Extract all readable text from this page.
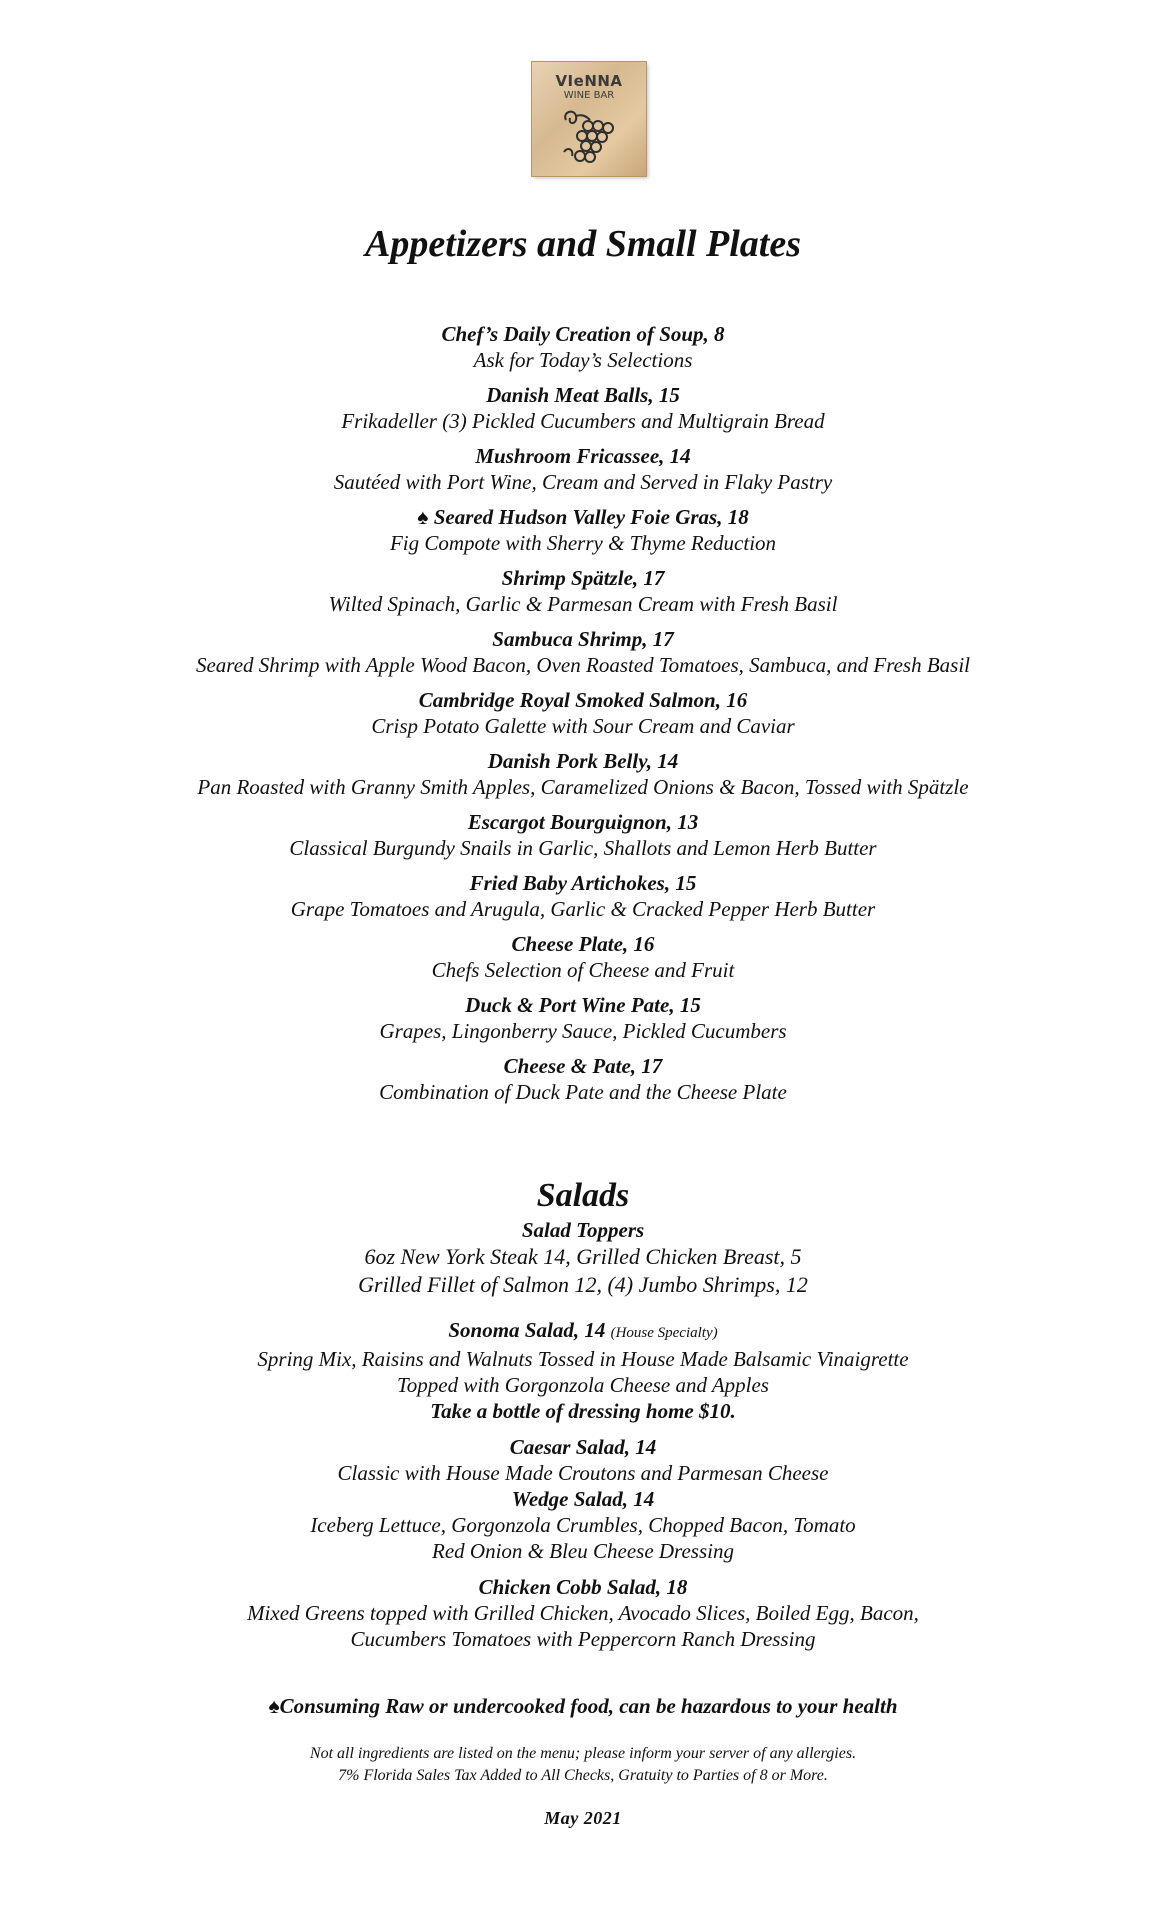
VIeNNA
WINE BAR
Appetizers and Small Plates
Chef’s Daily Creation of Soup, 8
Ask for Today’s Selections
Danish Meat Balls, 15
Frikadeller (3) Pickled Cucumbers and Multigrain Bread
Mushroom Fricassee, 14
Sautéed with Port Wine, Cream and Served in Flaky Pastry
♠ Seared Hudson Valley Foie Gras, 18
Fig Compote with Sherry & Thyme Reduction
Shrimp Spätzle, 17
Wilted Spinach, Garlic & Parmesan Cream with Fresh Basil
Sambuca Shrimp, 17
Seared Shrimp with Apple Wood Bacon, Oven Roasted Tomatoes, Sambuca, and Fresh Basil
Cambridge Royal Smoked Salmon, 16
Crisp Potato Galette with Sour Cream and Caviar
Danish Pork Belly, 14
Pan Roasted with Granny Smith Apples, Caramelized Onions & Bacon, Tossed with Spätzle
Escargot Bourguignon, 13
Classical Burgundy Snails in Garlic, Shallots and Lemon Herb Butter
Fried Baby Artichokes, 15
Grape Tomatoes and Arugula, Garlic & Cracked Pepper Herb Butter
Cheese Plate, 16
Chefs Selection of Cheese and Fruit
Duck & Port Wine Pate, 15
Grapes, Lingonberry Sauce, Pickled Cucumbers
Cheese & Pate, 17
Combination of Duck Pate and the Cheese Plate
Salads
Salad Toppers
6oz New York Steak 14, Grilled Chicken Breast, 5
Grilled Fillet of Salmon 12, (4) Jumbo Shrimps, 12
Sonoma Salad, 14 (House Specialty)
Spring Mix, Raisins and Walnuts Tossed in House Made Balsamic Vinaigrette
Topped with Gorgonzola Cheese and Apples
Take a bottle of dressing home $10.
Caesar Salad, 14
Classic with House Made Croutons and Parmesan Cheese
Wedge Salad, 14
Iceberg Lettuce, Gorgonzola Crumbles, Chopped Bacon, Tomato
Red Onion & Bleu Cheese Dressing
Chicken Cobb Salad, 18
Mixed Greens topped with Grilled Chicken, Avocado Slices, Boiled Egg, Bacon,
Cucumbers Tomatoes with Peppercorn Ranch Dressing
♠Consuming Raw or undercooked food, can be hazardous to your health
Not all ingredients are listed on the menu; please inform your server of any allergies.
7% Florida Sales Tax Added to All Checks, Gratuity to Parties of 8 or More.
May 2021
